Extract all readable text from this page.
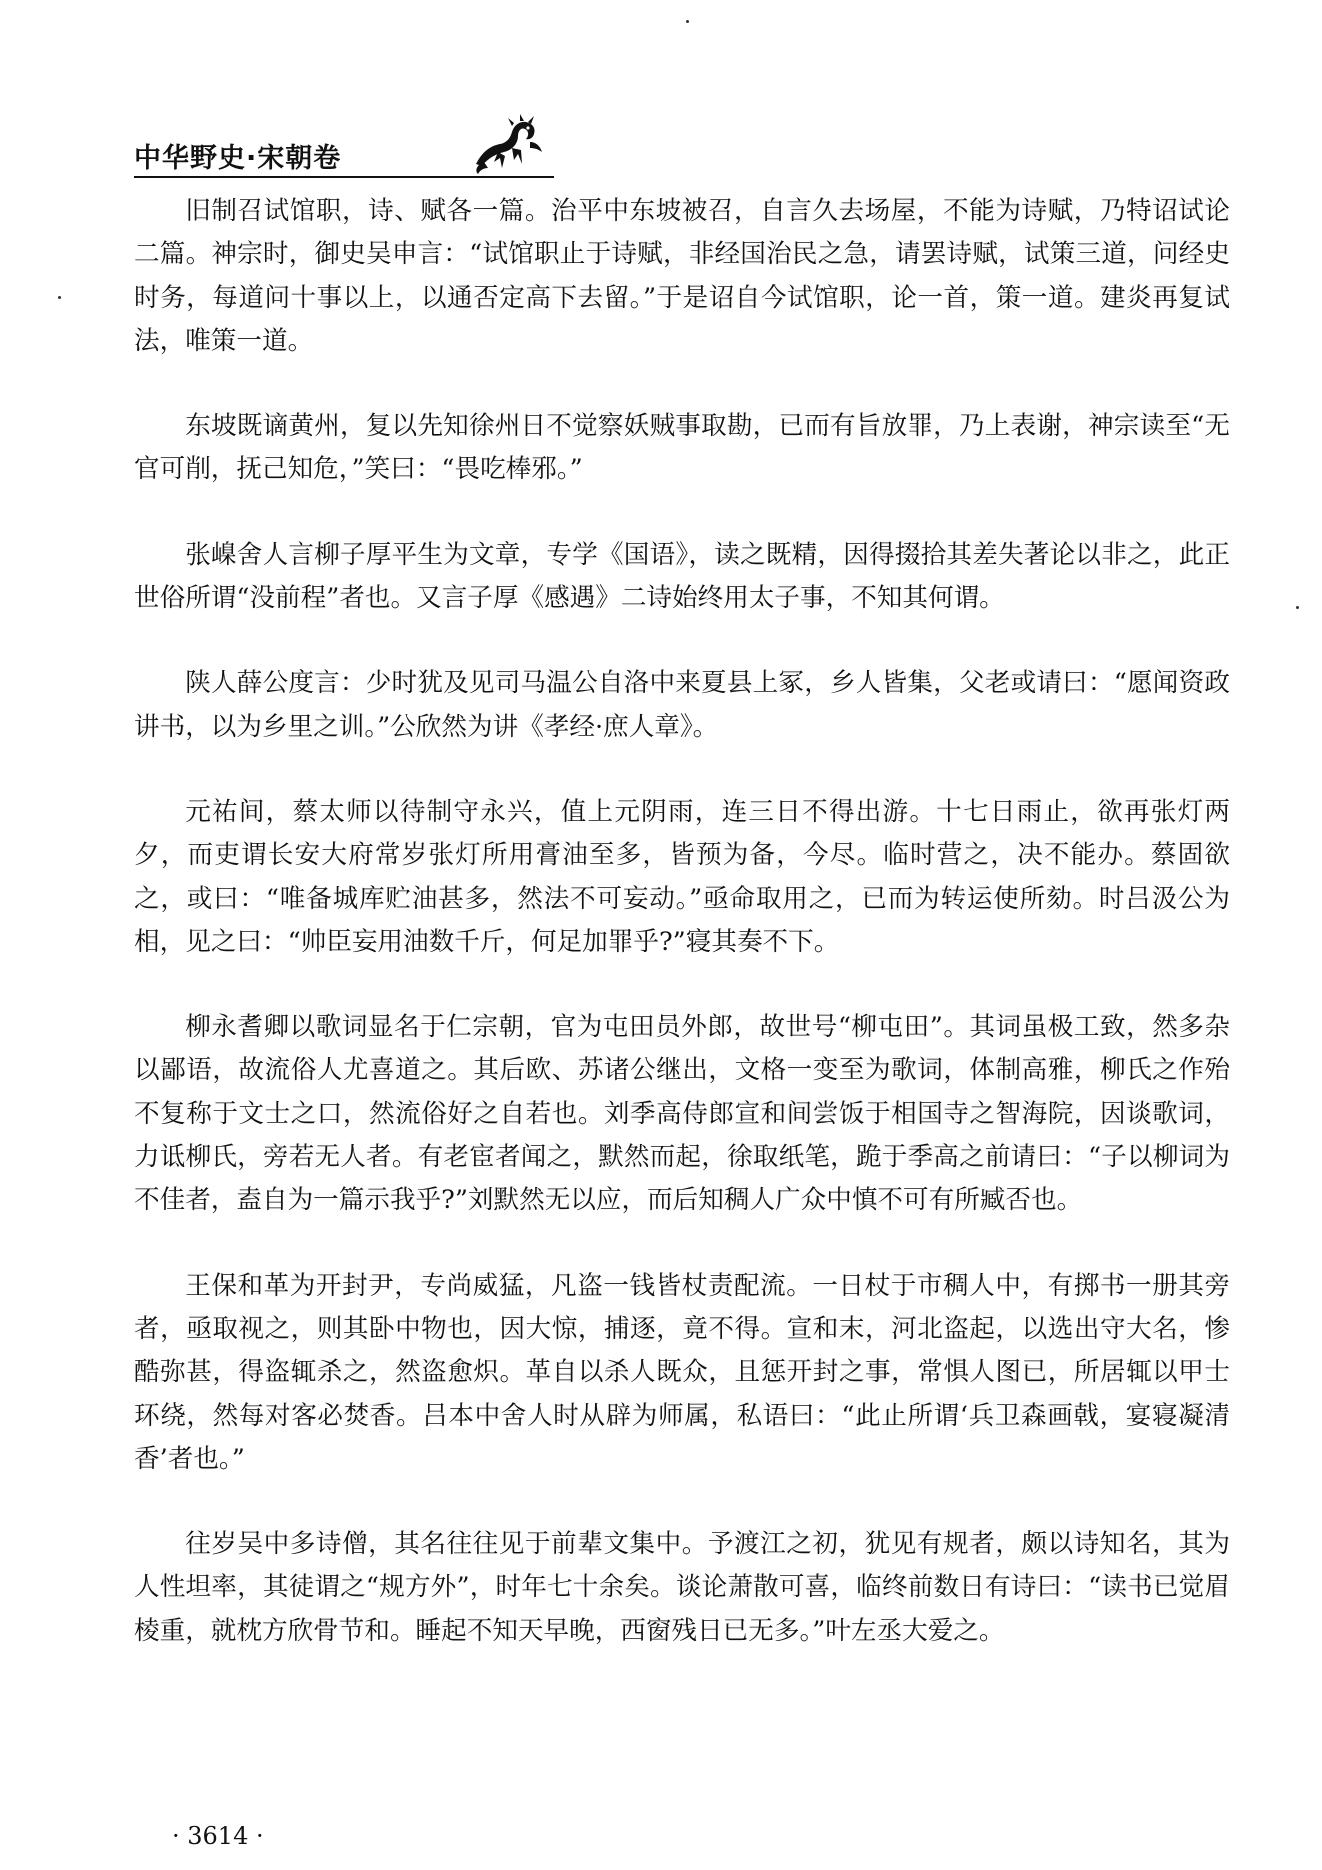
中华野史·宋朝卷

旧制召试馆职，诗、赋各一篇。治平中东坡被召，自言久去场屋，不能为诗赋，乃特诏试论二篇。神宗时，御史吴申言：“试馆职止于诗赋，非经国治民之急，请罢诗赋，试策三道，问经史时务，每道问十事以上，以通否定高下去留。”于是诏自今试馆职，论一首，策一道。建炎再复试法，唯策一道。

东坡既谪黄州，复以先知徐州日不觉察妖贼事取勘，已而有旨放罪，乃上表谢，神宗读至“无官可削，抚己知危，”笑曰：“畏吃棒邪。”

张嵲舍人言柳子厚平生为文章，专学《国语》，读之既精，因得掇拾其差失著论以非之，此正世俗所谓“没前程”者也。又言子厚《感遇》二诗始终用太子事，不知其何谓。

陕人薛公度言：少时犹及见司马温公自洛中来夏县上冢，乡人皆集，父老或请曰：“愿闻资政讲书，以为乡里之训。”公欣然为讲《孝经·庶人章》。

元祐间，蔡太师以待制守永兴，值上元阴雨，连三日不得出游。十七日雨止，欲再张灯两夕，而吏谓长安大府常岁张灯所用膏油至多，皆预为备，今尽。临时营之，决不能办。蔡固欲之，或曰：“唯备城库贮油甚多，然法不可妄动。”亟命取用之，已而为转运使所劾。时吕汲公为相，见之曰：“帅臣妄用油数千斤，何足加罪乎?”寝其奏不下。

柳永耆卿以歌词显名于仁宗朝，官为屯田员外郎，故世号“柳屯田”。其词虽极工致，然多杂以鄙语，故流俗人尤喜道之。其后欧、苏诸公继出，文格一变至为歌词，体制高雅，柳氏之作殆不复称于文士之口，然流俗好之自若也。刘季高侍郎宣和间尝饭于相国寺之智海院，因谈歌词，力诋柳氏，旁若无人者。有老宦者闻之，默然而起，徐取纸笔，跪于季高之前请曰：“子以柳词为不佳者，盍自为一篇示我乎?”刘默然无以应，而后知稠人广众中慎不可有所臧否也。

王保和革为开封尹，专尚威猛，凡盗一钱皆杖责配流。一日杖于市稠人中，有掷书一册其旁者，亟取视之，则其卧中物也，因大惊，捕逐，竟不得。宣和末，河北盗起，以选出守大名，惨酷弥甚，得盗辄杀之，然盗愈炽。革自以杀人既众，且惩开封之事，常惧人图已，所居辄以甲士环绕，然每对客必焚香。吕本中舍人时从辟为师属，私语曰：“此止所谓‘兵卫森画戟，宴寝凝清香’者也。”

往岁吴中多诗僧，其名往往见于前辈文集中。予渡江之初，犹见有规者，颇以诗知名，其为人性坦率，其徒谓之“规方外”，时年七十余矣。谈论萧散可喜，临终前数日有诗曰：“读书已觉眉棱重，就枕方欣骨节和。睡起不知天早晚，西窗残日已无多。”叶左丞大爱之。

· 3614 ·
